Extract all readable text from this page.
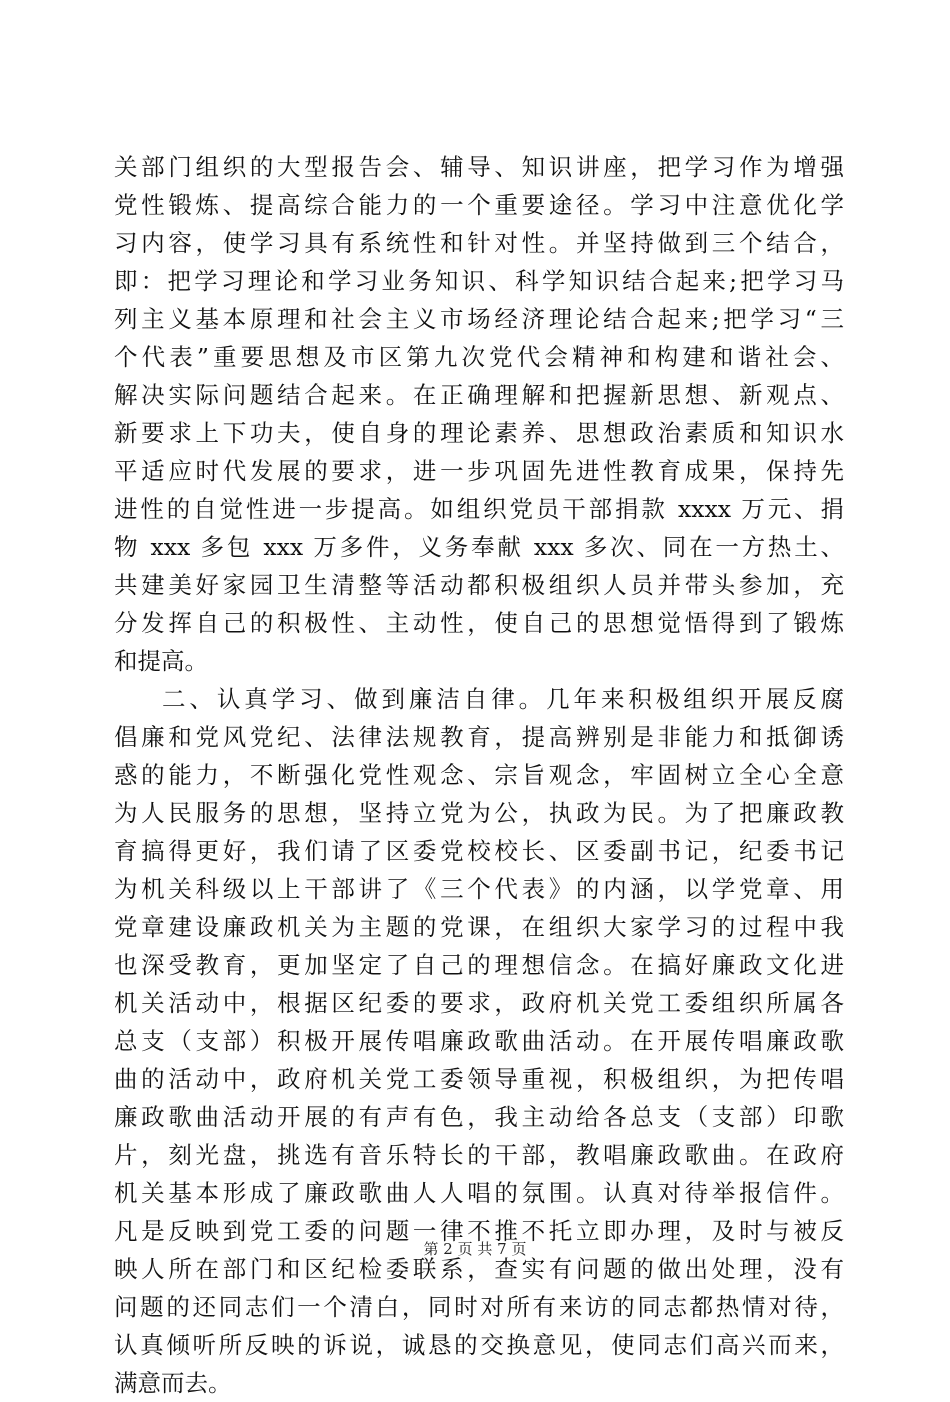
关部门组织的大型报告会、辅导、知识讲座，把学习作为增强
党性锻炼、提高综合能力的一个重要途径。学习中注意优化学
习内容，使学习具有系统性和针对性。并坚持做到三个结合，
即：把学习理论和学习业务知识、科学知识结合起来;把学习马
列主义基本原理和社会主义市场经济理论结合起来;把学习“三
个代表”重要思想及市区第九次党代会精神和构建和谐社会、
解决实际问题结合起来。在正确理解和把握新思想、新观点、
新要求上下功夫，使自身的理论素养、思想政治素质和知识水
平适应时代发展的要求，进一步巩固先进性教育成果，保持先
进性的自觉性进一步提高。如组织党员干部捐款 xxxx 万元、捐
物 xxx 多包 xxx 万多件，义务奉献 xxx 多次、同在一方热土、
共建美好家园卫生清整等活动都积极组织人员并带头参加，充
分发挥自己的积极性、主动性，使自己的思想觉悟得到了锻炼
和提高。
二、认真学习、做到廉洁自律。几年来积极组织开展反腐
倡廉和党风党纪、法律法规教育，提高辨别是非能力和抵御诱
惑的能力，不断强化党性观念、宗旨观念，牢固树立全心全意
为人民服务的思想，坚持立党为公，执政为民。为了把廉政教
育搞得更好，我们请了区委党校校长、区委副书记，纪委书记
为机关科级以上干部讲了《三个代表》的内涵，以学党章、用
党章建设廉政机关为主题的党课，在组织大家学习的过程中我
也深受教育，更加坚定了自己的理想信念。在搞好廉政文化进
机关活动中，根据区纪委的要求，政府机关党工委组织所属各
总支（支部）积极开展传唱廉政歌曲活动。在开展传唱廉政歌
曲的活动中，政府机关党工委领导重视，积极组织，为把传唱
廉政歌曲活动开展的有声有色，我主动给各总支（支部）印歌
片，刻光盘，挑选有音乐特长的干部，教唱廉政歌曲。在政府
机关基本形成了廉政歌曲人人唱的氛围。认真对待举报信件。
凡是反映到党工委的问题一律不推不托立即办理，及时与被反
映人所在部门和区纪检委联系，查实有问题的做出处理，没有
问题的还同志们一个清白，同时对所有来访的同志都热情对待，
认真倾听所反映的诉说，诚恳的交换意见，使同志们高兴而来，
满意而去。
第 2 页 共 7 页
